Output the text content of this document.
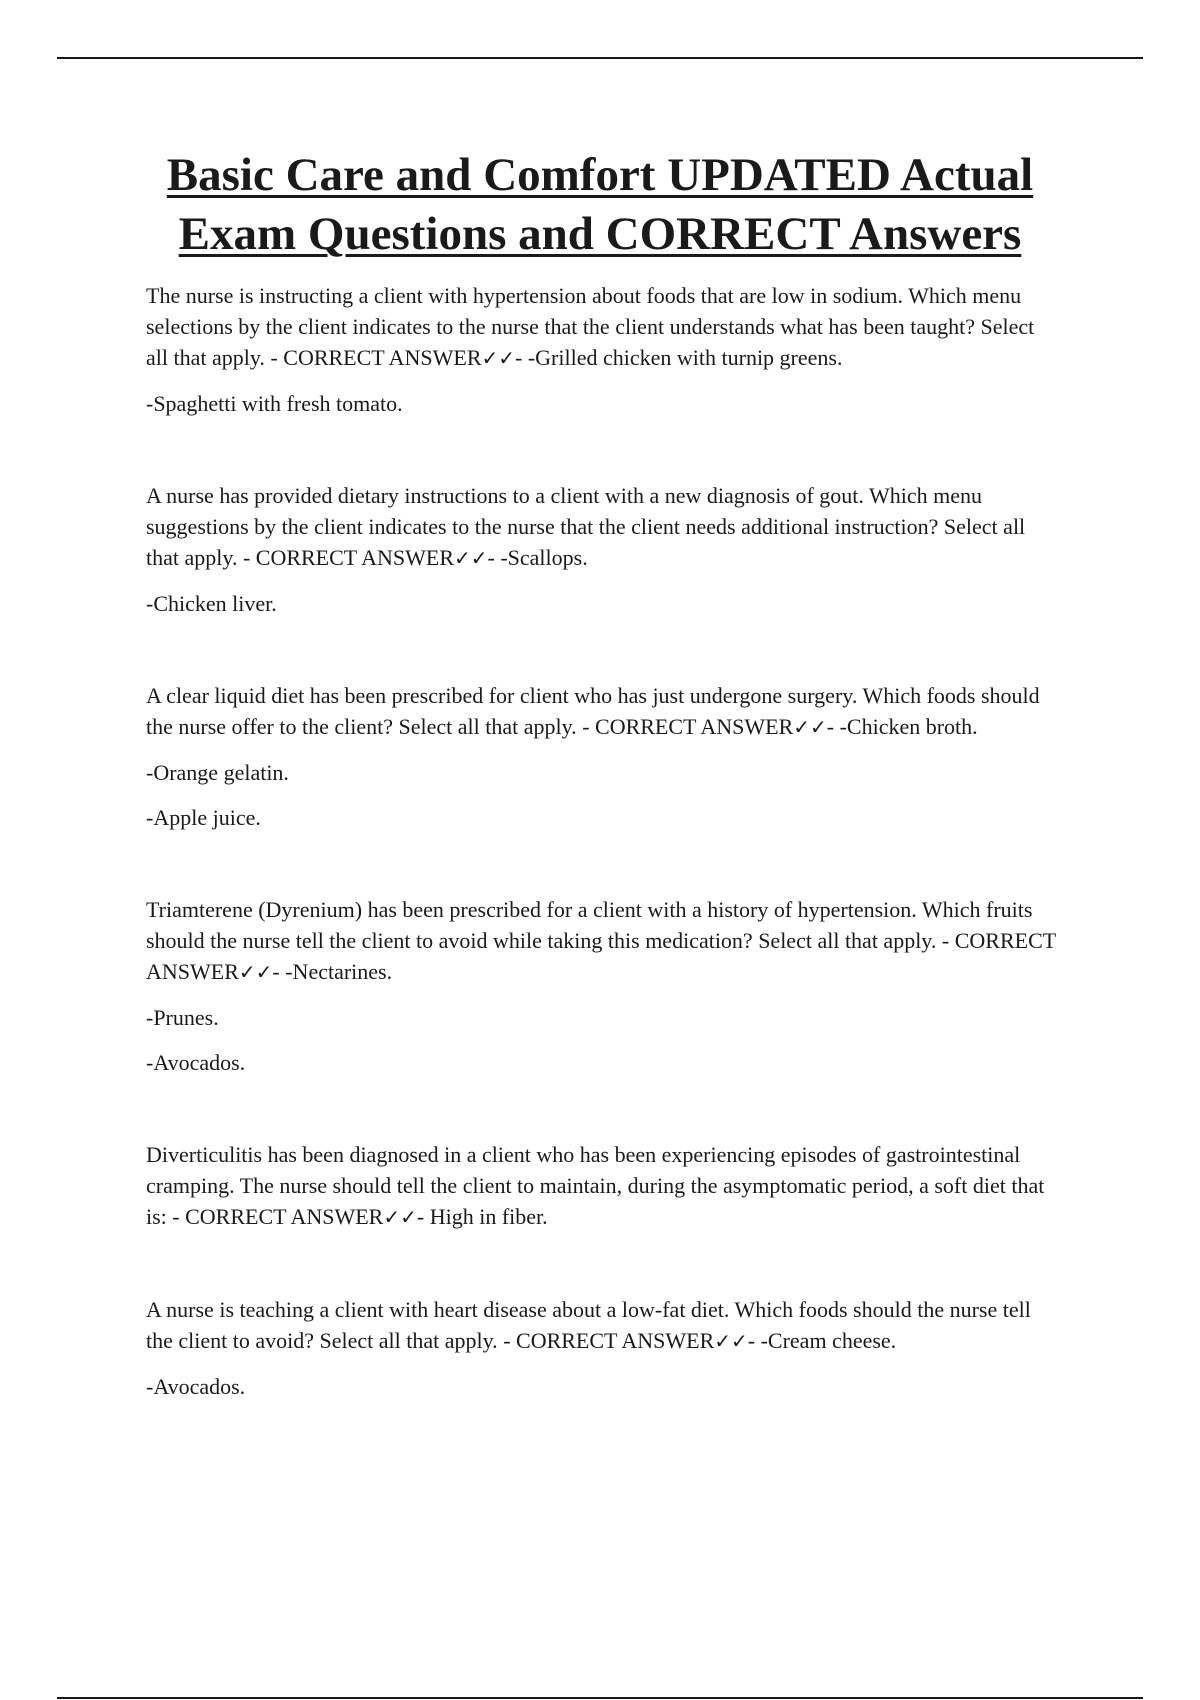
Basic Care and Comfort UPDATED Actual
Exam Questions and CORRECT Answers

The nurse is instructing a client with hypertension about foods that are low in sodium. Which menu selections by the client indicates to the nurse that the client understands what has been taught? Select all that apply. - CORRECT ANSWER✓✓- -Grilled chicken with turnip greens.

-Spaghetti with fresh tomato.

A nurse has provided dietary instructions to a client with a new diagnosis of gout. Which menu suggestions by the client indicates to the nurse that the client needs additional instruction? Select all that apply. - CORRECT ANSWER✓✓- -Scallops.

-Chicken liver.

A clear liquid diet has been prescribed for client who has just undergone surgery. Which foods should the nurse offer to the client? Select all that apply. - CORRECT ANSWER✓✓- -Chicken broth.

-Orange gelatin.

-Apple juice.

Triamterene (Dyrenium) has been prescribed for a client with a history of hypertension. Which fruits should the nurse tell the client to avoid while taking this medication? Select all that apply. - CORRECT ANSWER✓✓- -Nectarines.

-Prunes.

-Avocados.

Diverticulitis has been diagnosed in a client who has been experiencing episodes of gastrointestinal cramping. The nurse should tell the client to maintain, during the asymptomatic period, a soft diet that is: - CORRECT ANSWER✓✓- High in fiber.

A nurse is teaching a client with heart disease about a low-fat diet. Which foods should the nurse tell the client to avoid? Select all that apply. - CORRECT ANSWER✓✓- -Cream cheese.

-Avocados.
